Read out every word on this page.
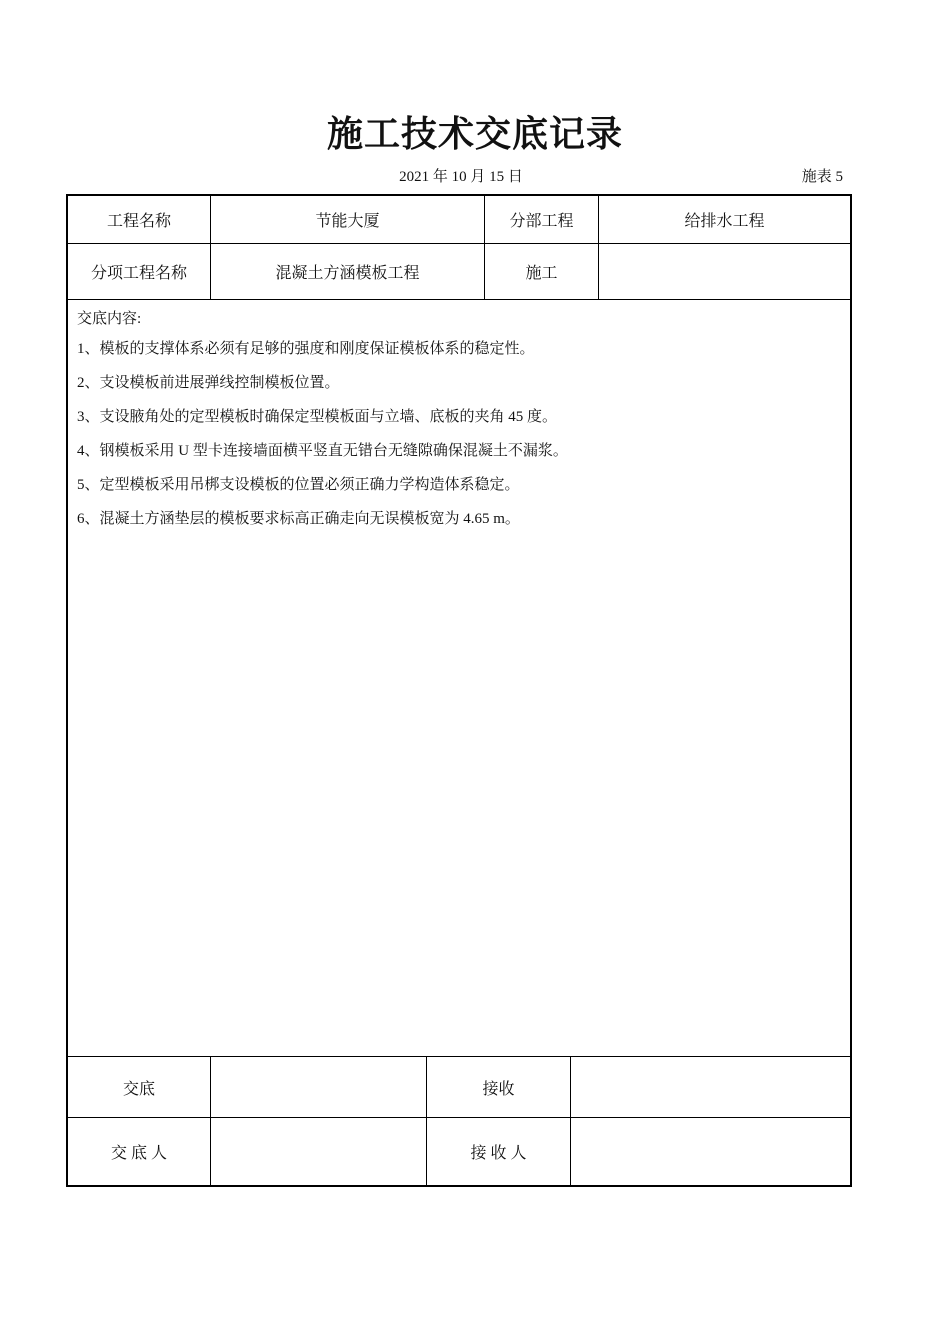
施工技术交底记录
2021 年 10 月 15 日	施表 5
工程名称	节能大厦	分部工程	给排水工程
分项工程名称	混凝土方涵模板工程	施工
交底内容:
1、模板的支撑体系必须有足够的强度和刚度保证模板体系的稳定性。
2、支设模板前进展弹线控制模板位置。
3、支设腋角处的定型模板时确保定型模板面与立墙、底板的夹角 45 度。
4、钢模板采用 U 型卡连接墙面横平竖直无错台无缝隙确保混凝土不漏浆。
5、定型模板采用吊梆支设模板的位置必须正确力学构造体系稳定。
6、混凝土方涵垫层的模板要求标高正确走向无误模板宽为 4.65 m。
交底	接收
交 底 人	接 收 人
